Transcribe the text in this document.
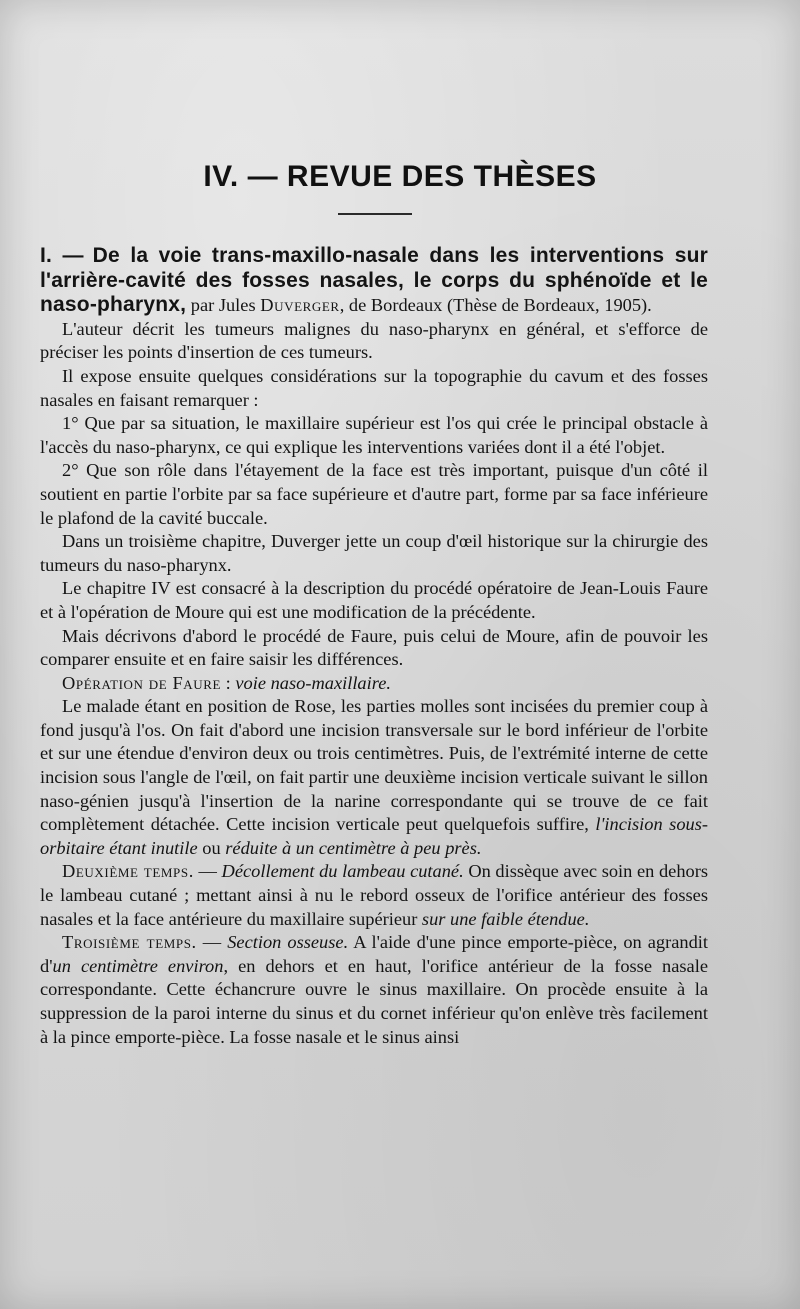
IV. — REVUE DES THÈSES

I. — De la voie trans-maxillo-nasale dans les interventions sur l'arrière-cavité des fosses nasales, le corps du sphénoïde et le naso-pharynx, par Jules Duverger, de Bordeaux (Thèse de Bordeaux, 1905).

L'auteur décrit les tumeurs malignes du naso-pharynx en général, et s'efforce de préciser les points d'insertion de ces tumeurs.

Il expose ensuite quelques considérations sur la topographie du cavum et des fosses nasales en faisant remarquer :

1° Que par sa situation, le maxillaire supérieur est l'os qui crée le principal obstacle à l'accès du naso-pharynx, ce qui explique les interventions variées dont il a été l'objet.

2° Que son rôle dans l'étayement de la face est très important, puisque d'un côté il soutient en partie l'orbite par sa face supérieure et d'autre part, forme par sa face inférieure le plafond de la cavité buccale.

Dans un troisième chapitre, Duverger jette un coup d'œil historique sur la chirurgie des tumeurs du naso-pharynx.

Le chapitre IV est consacré à la description du procédé opératoire de Jean-Louis Faure et à l'opération de Moure qui est une modification de la précédente.

Mais décrivons d'abord le procédé de Faure, puis celui de Moure, afin de pouvoir les comparer ensuite et en faire saisir les différences.

Opération de Faure : voie naso-maxillaire.

Le malade étant en position de Rose, les parties molles sont incisées du premier coup à fond jusqu'à l'os. On fait d'abord une incision transversale sur le bord inférieur de l'orbite et sur une étendue d'environ deux ou trois centimètres. Puis, de l'extrémité interne de cette incision sous l'angle de l'œil, on fait partir une deuxième incision verticale suivant le sillon naso-génien jusqu'à l'insertion de la narine correspondante qui se trouve de ce fait complètement détachée. Cette incision verticale peut quelquefois suffire, l'incision sous-orbitaire étant inutile ou réduite à un centimètre à peu près.

Deuxième temps. — Décollement du lambeau cutané. On dissèque avec soin en dehors le lambeau cutané ; mettant ainsi à nu le rebord osseux de l'orifice antérieur des fosses nasales et la face antérieure du maxillaire supérieur sur une faible étendue.

Troisième temps. — Section osseuse. A l'aide d'une pince emporte-pièce, on agrandit d'un centimètre environ, en dehors et en haut, l'orifice antérieur de la fosse nasale correspondante. Cette échancrure ouvre le sinus maxillaire. On procède ensuite à la suppression de la paroi interne du sinus et du cornet inférieur qu'on enlève très facilement à la pince emporte-pièce. La fosse nasale et le sinus ainsi
